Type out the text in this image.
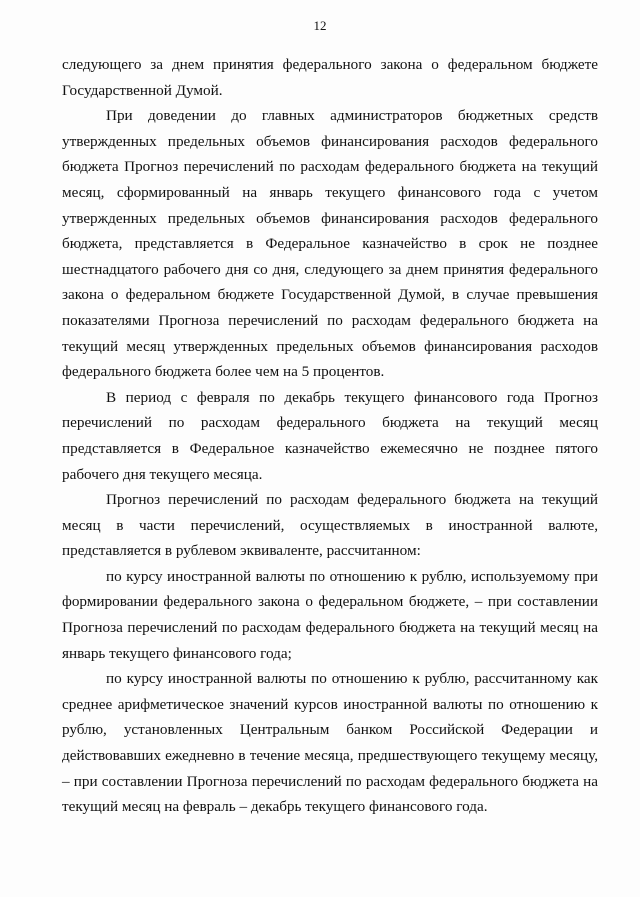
12

следующего за днем принятия федерального закона о федеральном бюджете Государственной Думой.

При доведении до главных администраторов бюджетных средств утвержденных предельных объемов финансирования расходов федерального бюджета Прогноз перечислений по расходам федерального бюджета на текущий месяц, сформированный на январь текущего финансового года с учетом утвержденных предельных объемов финансирования расходов федерального бюджета, представляется в Федеральное казначейство в срок не позднее шестнадцатого рабочего дня со дня, следующего за днем принятия федерального закона о федеральном бюджете Государственной Думой, в случае превышения показателями Прогноза перечислений по расходам федерального бюджета на текущий месяц утвержденных предельных объемов финансирования расходов федерального бюджета более чем на 5 процентов.

В период с февраля по декабрь текущего финансового года Прогноз перечислений по расходам федерального бюджета на текущий месяц представляется в Федеральное казначейство ежемесячно не позднее пятого рабочего дня текущего месяца.

Прогноз перечислений по расходам федерального бюджета на текущий месяц в части перечислений, осуществляемых в иностранной валюте, представляется в рублевом эквиваленте, рассчитанном:

по курсу иностранной валюты по отношению к рублю, используемому при формировании федерального закона о федеральном бюджете, – при составлении Прогноза перечислений по расходам федерального бюджета на текущий месяц на январь текущего финансового года;

по курсу иностранной валюты по отношению к рублю, рассчитанному как среднее арифметическое значений курсов иностранной валюты по отношению к рублю, установленных Центральным банком Российской Федерации и действовавших ежедневно в течение месяца, предшествующего текущему месяцу, – при составлении Прогноза перечислений по расходам федерального бюджета на текущий месяц на февраль – декабрь текущего финансового года.
